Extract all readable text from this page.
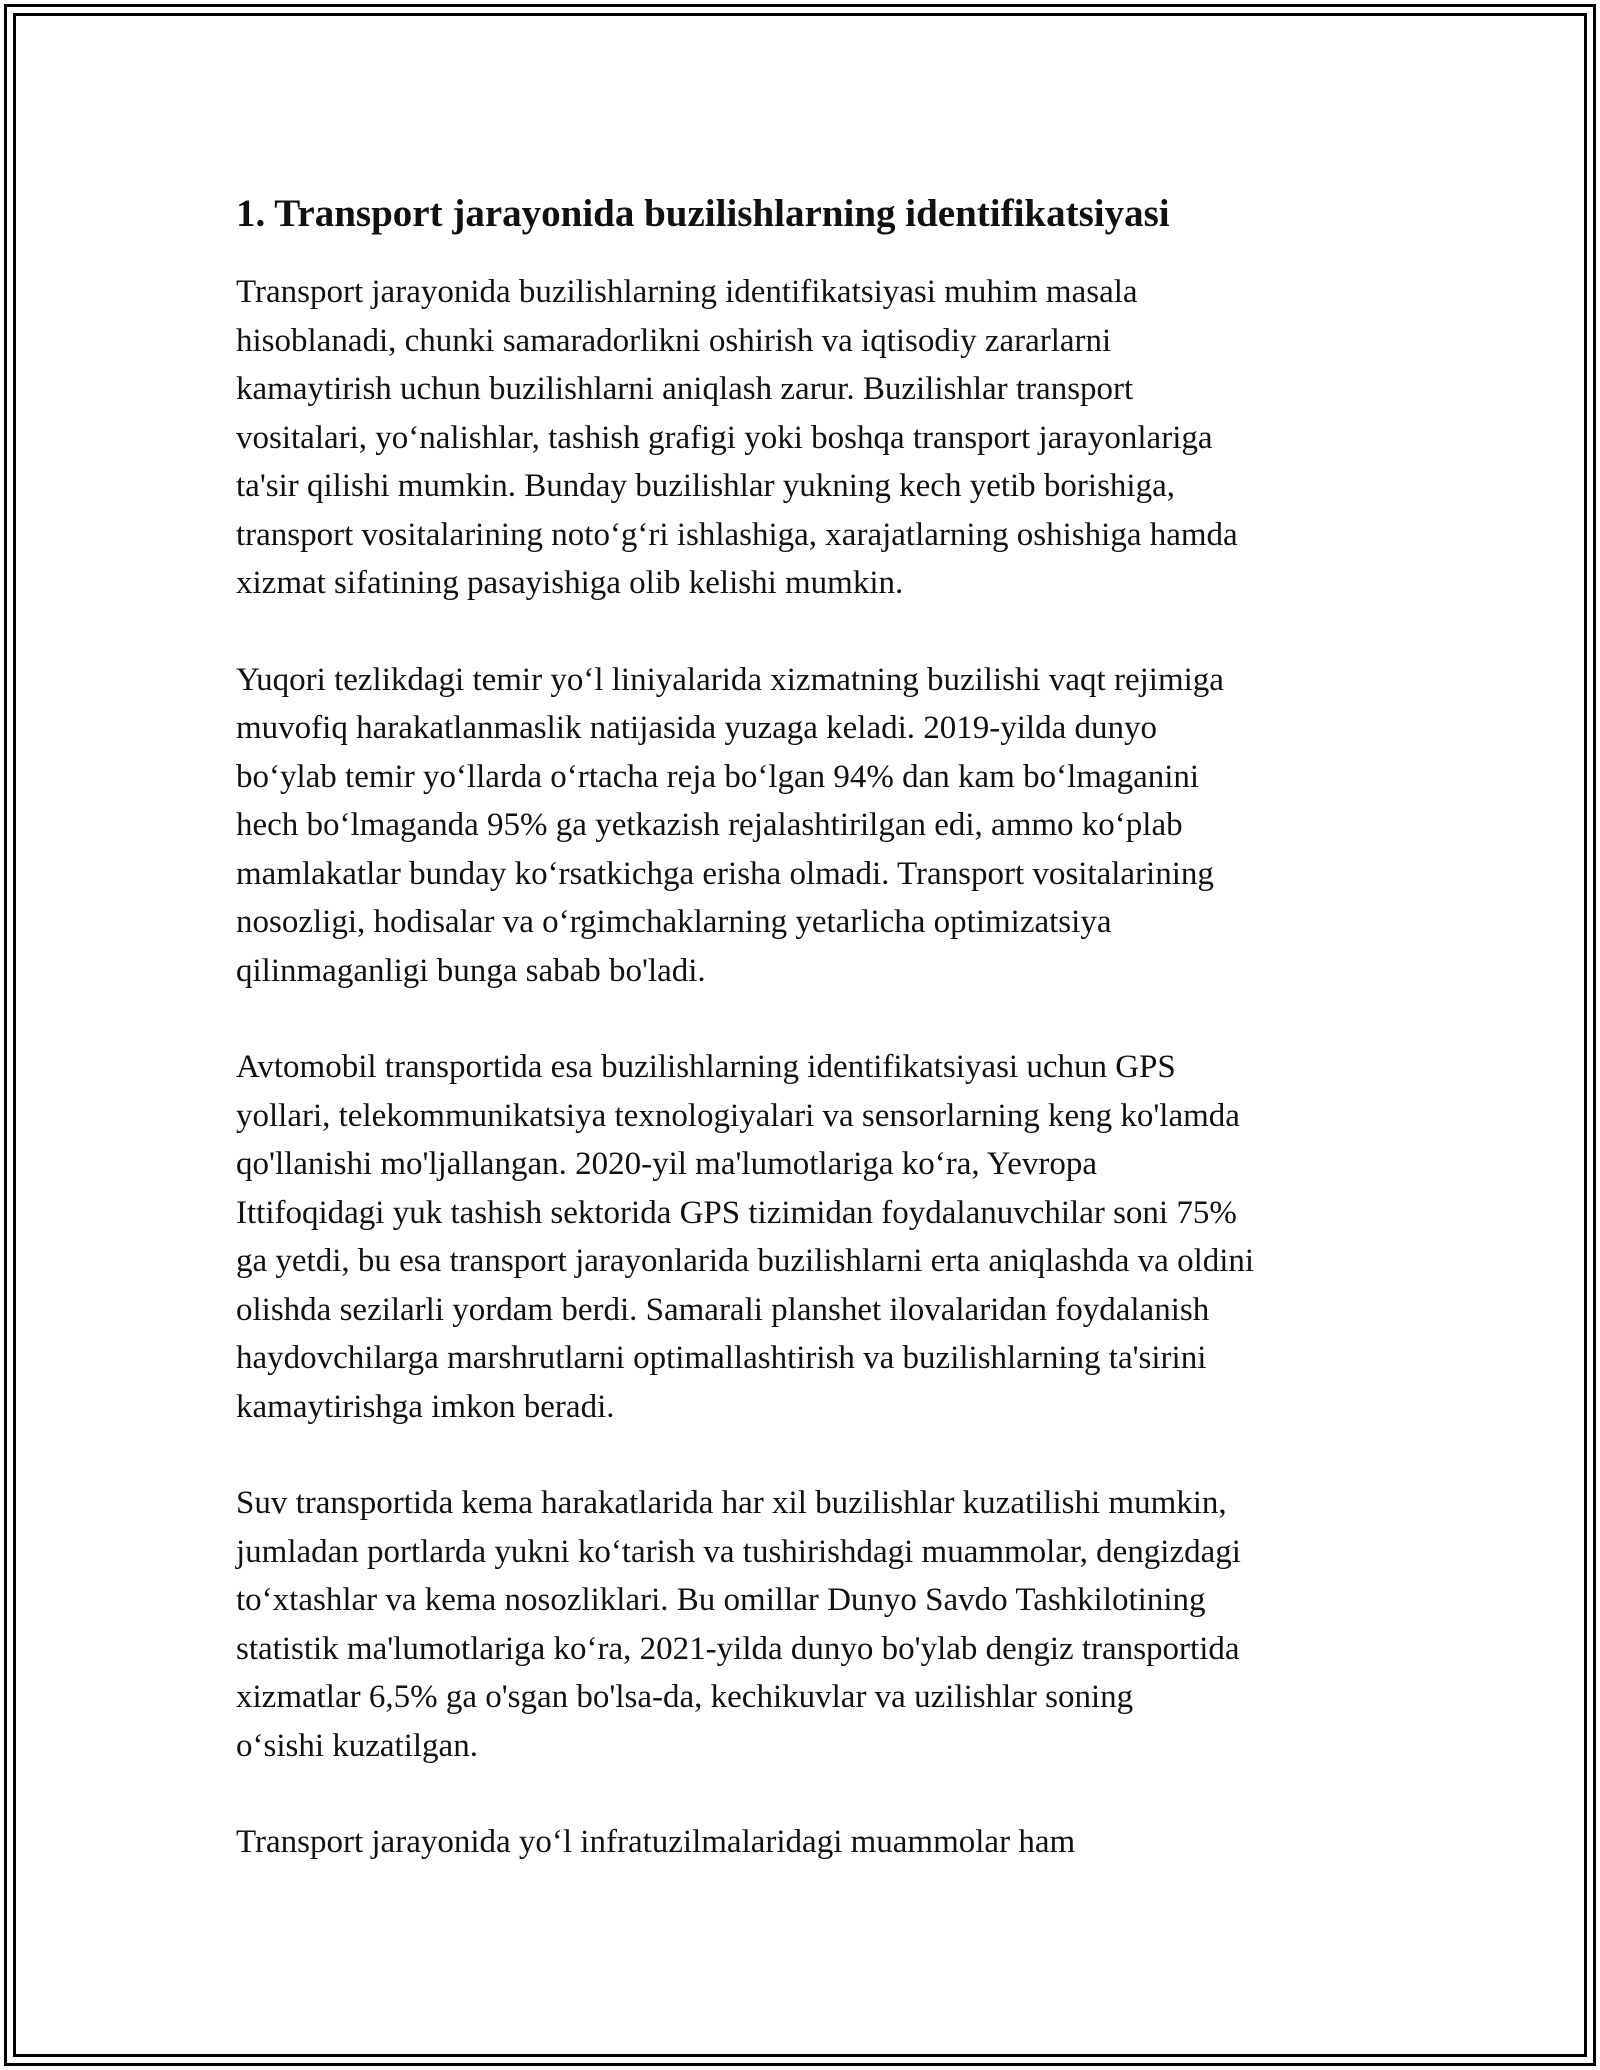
1. Transport jarayonida buzilishlarning identifikatsiyasi

Transport jarayonida buzilishlarning identifikatsiyasi muhim masala
hisoblanadi, chunki samaradorlikni oshirish va iqtisodiy zararlarni
kamaytirish uchun buzilishlarni aniqlash zarur. Buzilishlar transport
vositalari, yo‘nalishlar, tashish grafigi yoki boshqa transport jarayonlariga
ta'sir qilishi mumkin. Bunday buzilishlar yukning kech yetib borishiga,
transport vositalarining noto‘g‘ri ishlashiga, xarajatlarning oshishiga hamda
xizmat sifatining pasayishiga olib kelishi mumkin.

Yuqori tezlikdagi temir yo‘l liniyalarida xizmatning buzilishi vaqt rejimiga
muvofiq harakatlanmaslik natijasida yuzaga keladi. 2019-yilda dunyo
bo‘ylab temir yo‘llarda o‘rtacha reja bo‘lgan 94% dan kam bo‘lmaganini
hech bo‘lmaganda 95% ga yetkazish rejalashtirilgan edi, ammo ko‘plab
mamlakatlar bunday ko‘rsatkichga erisha olmadi. Transport vositalarining
nosozligi, hodisalar va o‘rgimchaklarning yetarlicha optimizatsiya
qilinmaganligi bunga sabab bo'ladi.

Avtomobil transportida esa buzilishlarning identifikatsiyasi uchun GPS
yollari, telekommunikatsiya texnologiyalari va sensorlarning keng ko'lamda
qo'llanishi mo'ljallangan. 2020-yil ma'lumotlariga ko‘ra, Yevropa
Ittifoqidagi yuk tashish sektorida GPS tizimidan foydalanuvchilar soni 75%
ga yetdi, bu esa transport jarayonlarida buzilishlarni erta aniqlashda va oldini
olishda sezilarli yordam berdi. Samarali planshet ilovalaridan foydalanish
haydovchilarga marshrutlarni optimallashtirish va buzilishlarning ta'sirini
kamaytirishga imkon beradi.

Suv transportida kema harakatlarida har xil buzilishlar kuzatilishi mumkin,
jumladan portlarda yukni ko‘tarish va tushirishdagi muammolar, dengizdagi
to‘xtashlar va kema nosozliklari. Bu omillar Dunyo Savdo Tashkilotining
statistik ma'lumotlariga ko‘ra, 2021-yilda dunyo bo'ylab dengiz transportida
xizmatlar 6,5% ga o'sgan bo'lsa-da, kechikuvlar va uzilishlar soning
o‘sishi kuzatilgan.

Transport jarayonida yo‘l infratuzilmalaridagi muammolar ham
